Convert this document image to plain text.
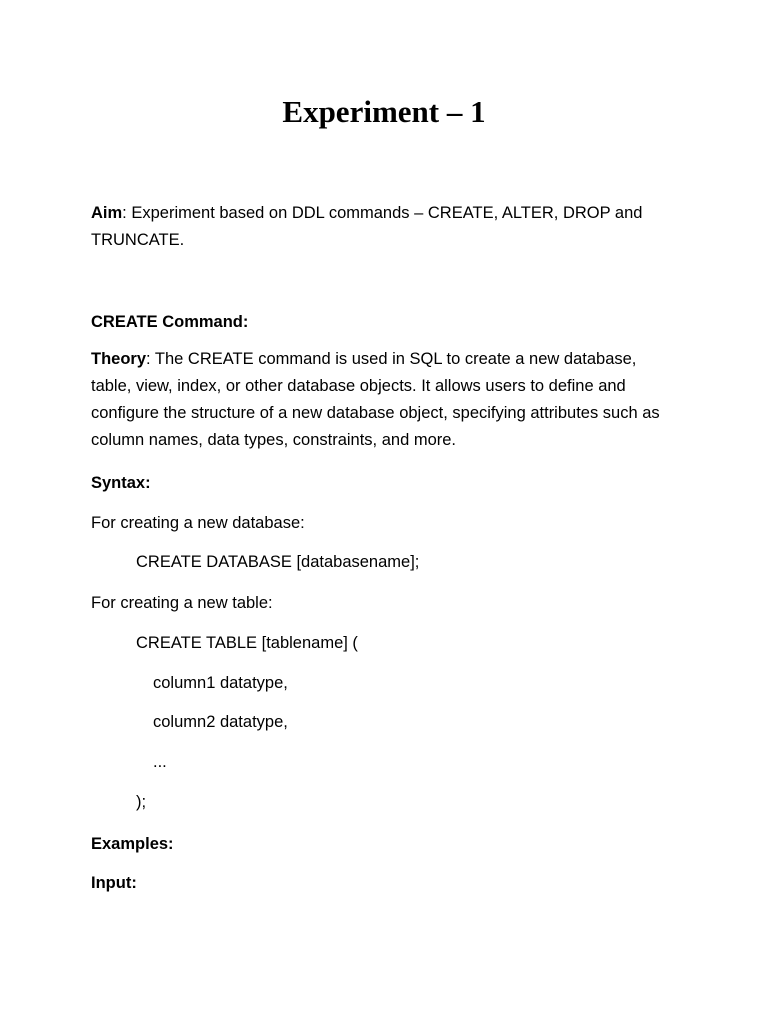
Experiment – 1
Aim: Experiment based on DDL commands – CREATE, ALTER, DROP and TRUNCATE.
CREATE Command:
Theory: The CREATE command is used in SQL to create a new database, table, view, index, or other database objects. It allows users to define and configure the structure of a new database object, specifying attributes such as column names, data types, constraints, and more.
Syntax:
For creating a new database:
CREATE DATABASE [databasename];
For creating a new table:
CREATE TABLE [tablename] (
column1 datatype,
column2 datatype,
...
);
Examples:
Input:
